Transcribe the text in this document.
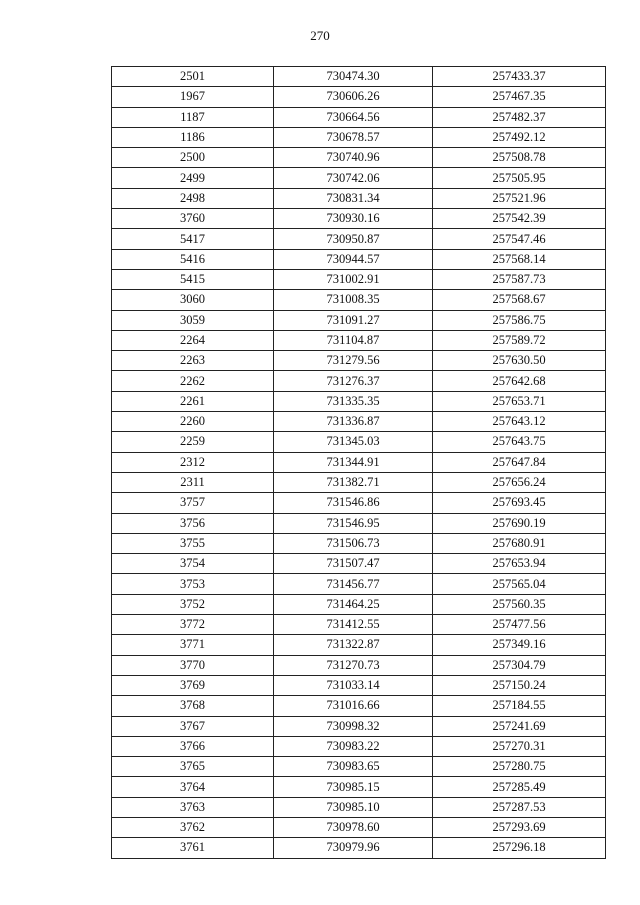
270
2501	730474.30	257433.37
1967	730606.26	257467.35
1187	730664.56	257482.37
1186	730678.57	257492.12
2500	730740.96	257508.78
2499	730742.06	257505.95
2498	730831.34	257521.96
3760	730930.16	257542.39
5417	730950.87	257547.46
5416	730944.57	257568.14
5415	731002.91	257587.73
3060	731008.35	257568.67
3059	731091.27	257586.75
2264	731104.87	257589.72
2263	731279.56	257630.50
2262	731276.37	257642.68
2261	731335.35	257653.71
2260	731336.87	257643.12
2259	731345.03	257643.75
2312	731344.91	257647.84
2311	731382.71	257656.24
3757	731546.86	257693.45
3756	731546.95	257690.19
3755	731506.73	257680.91
3754	731507.47	257653.94
3753	731456.77	257565.04
3752	731464.25	257560.35
3772	731412.55	257477.56
3771	731322.87	257349.16
3770	731270.73	257304.79
3769	731033.14	257150.24
3768	731016.66	257184.55
3767	730998.32	257241.69
3766	730983.22	257270.31
3765	730983.65	257280.75
3764	730985.15	257285.49
3763	730985.10	257287.53
3762	730978.60	257293.69
3761	730979.96	257296.18
